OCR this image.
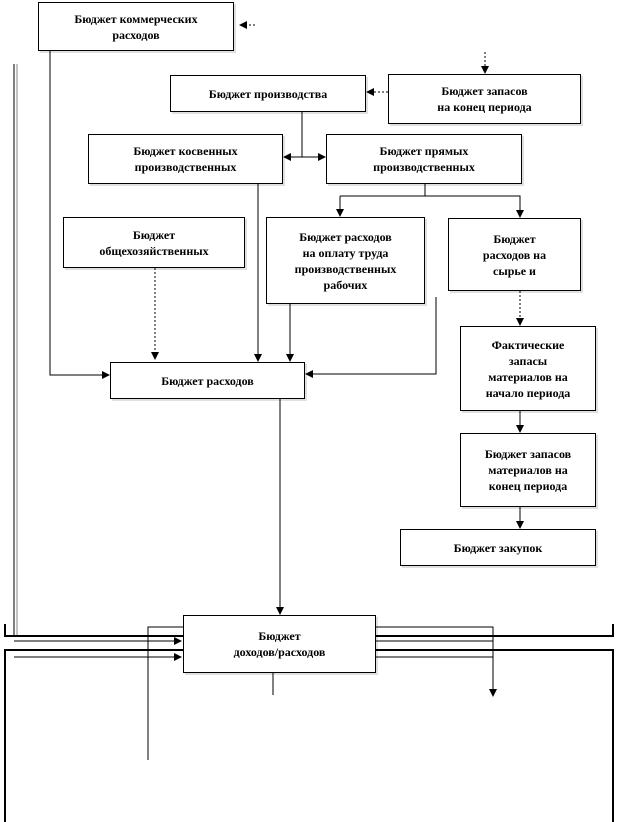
Бюджет коммерческих
расходов
Бюджет производства	Бюджет запасов
на конец периода
Бюджет косвенных
производственных
Бюджет прямых
производственных
Бюджет
общехозяйственных
Бюджет расходов
на оплату труда
производственных
рабочих
Бюджет
расходов на
сырье и
Бюджет расходов
Фактические
запасы
материалов на
начало периода
Бюджет запасов
материалов на
конец периода
Бюджет закупок
Бюджет
доходов/расходов
